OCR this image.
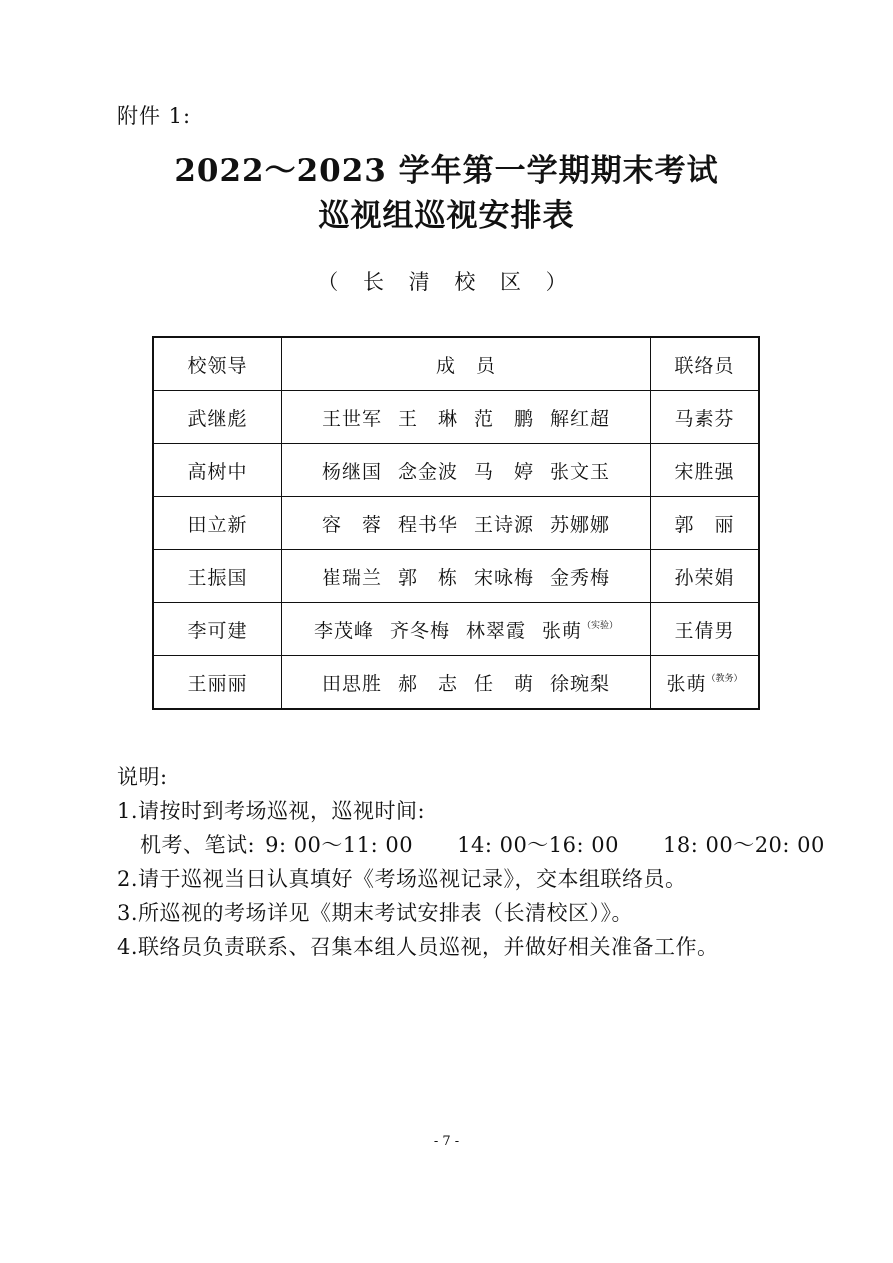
附件 1:
2022～2023 学年第一学期期末考试
巡视组巡视安排表
（ 长 清 校 区 ）
校领导	成　员	联络员
武继彪	王世军 王　琳 范　鹏 解红超	马素芬
高树中	杨继国 念金波 马　婷 张文玉	宋胜强
田立新	容　蓉 程书华 王诗源 苏娜娜	郭　丽
王振国	崔瑞兰 郭　栋 宋咏梅 金秀梅	孙荣娟
李可建	李茂峰 齐冬梅 林翠霞 张萌$^{(实验)}$	王倩男
王丽丽	田思胜 郝　志 任　萌 徐琬梨	张萌$^{(教务)}$
说明:
1.请按时到考场巡视，巡视时间:
机考、笔试: 9: 00～11: 00 14: 00～16: 00 18: 00～20: 00
2.请于巡视当日认真填好《考场巡视记录》，交本组联络员。
3.所巡视的考场详见《期末考试安排表（长清校区）》。
4.联络员负责联系、召集本组人员巡视，并做好相关准备工作。
- 7 -
